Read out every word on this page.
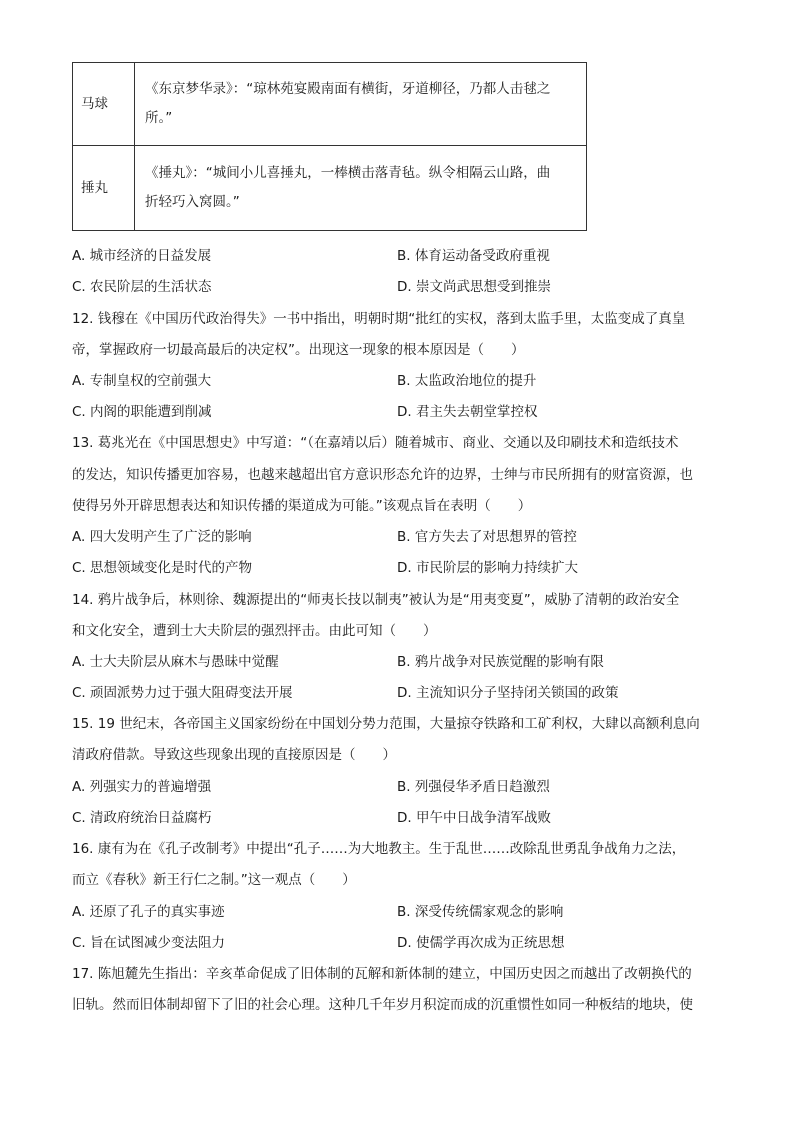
马球	《东京梦华录》：“琼林苑宴殿南面有横街，牙道柳径，乃都人击毬之
所。”

捶丸	《捶丸》：“城间小儿喜捶丸，一棒横击落青毡。纵令相隔云山路，曲
折轻巧入窝圆。”
A. 城市经济的日益发展	B. 体育运动备受政府重视
C. 农民阶层的生活状态	D. 崇文尚武思想受到推崇
12. 钱穆在《中国历代政治得失》一书中指出，明朝时期“批红的实权，落到太监手里，太监变成了真皇
帝，掌握政府一切最高最后的决定权”。出现这一现象的根本原因是（　　）
A. 专制皇权的空前强大	B. 太监政治地位的提升
C. 内阁的职能遭到削减	D. 君主失去朝堂掌控权
13. 葛兆光在《中国思想史》中写道：“（在嘉靖以后）随着城市、商业、交通以及印刷技术和造纸技术
的发达，知识传播更加容易，也越来越超出官方意识形态允许的边界，士绅与市民所拥有的财富资源，也
使得另外开辟思想表达和知识传播的渠道成为可能。”该观点旨在表明（　　）
A. 四大发明产生了广泛的影响	B. 官方失去了对思想界的管控
C. 思想领域变化是时代的产物	D. 市民阶层的影响力持续扩大
14. 鸦片战争后，林则徐、魏源提出的“师夷长技以制夷”被认为是“用夷变夏”，威胁了清朝的政治安全
和文化安全，遭到士大夫阶层的强烈抨击。由此可知（　　）
A. 士大夫阶层从麻木与愚昧中觉醒	B. 鸦片战争对民族觉醒的影响有限
C. 顽固派势力过于强大阻碍变法开展	D. 主流知识分子坚持闭关锁国的政策
15. 19 世纪末，各帝国主义国家纷纷在中国划分势力范围，大量掠夺铁路和工矿利权，大肆以高额利息向
清政府借款。导致这些现象出现的直接原因是（　　）
A. 列强实力的普遍增强	B. 列强侵华矛盾日趋激烈
C. 清政府统治日益腐朽	D. 甲午中日战争清军战败
16. 康有为在《孔子改制考》中提出“孔子……为大地教主。生于乱世……改除乱世勇乱争战角力之法，
而立《春秋》新王行仁之制。”这一观点（　　）
A. 还原了孔子的真实事迹	B. 深受传统儒家观念的影响
C. 旨在试图减少变法阻力	D. 使儒学再次成为正统思想
17. 陈旭麓先生指出：辛亥革命促成了旧体制的瓦解和新体制的建立，中国历史因之而越出了改朝换代的
旧轨。然而旧体制却留下了旧的社会心理。这种几千年岁月积淀而成的沉重惯性如同一种板结的地块，使
